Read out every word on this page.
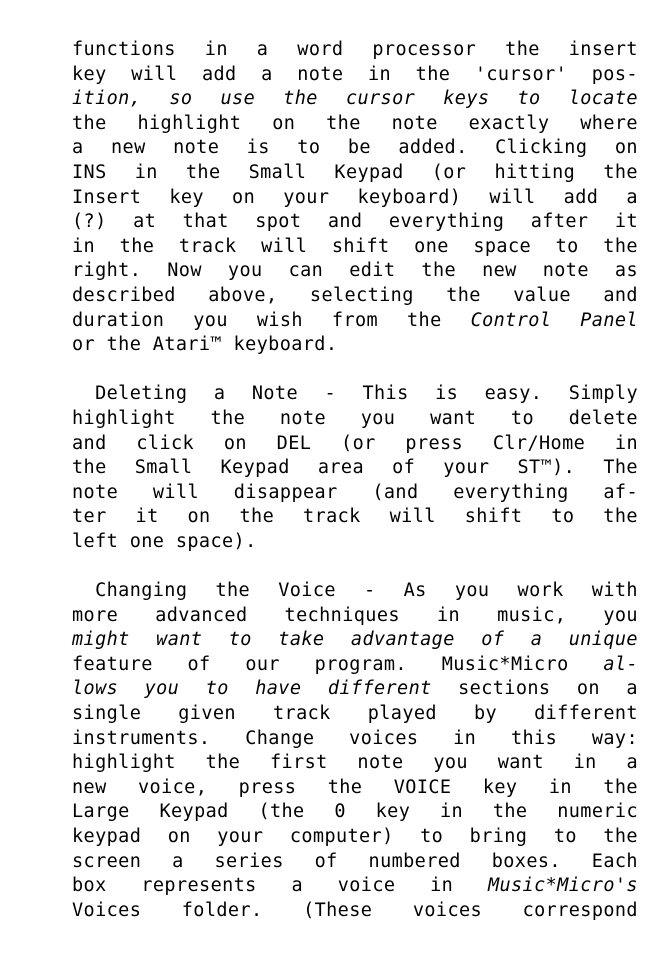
functions in a word processor the insert
key will add a note in the 'cursor' pos-
ition, so use the cursor keys to locate
the highlight on the note exactly where
a new note is to be added. Clicking on
INS in the Small Keypad (or hitting the
Insert key on your keyboard) will add a
(?) at that spot and everything after it
in the track will shift one space to the
right. Now you can edit the new note as
described above, selecting the value and
duration you wish from the Control Panel
or the Atari™ keyboard.
Deleting a Note - This is easy. Simply
highlight the note you want to delete
and click on DEL (or press Clr/Home in
the Small Keypad area of your ST™). The
note will disappear (and everything af-
ter it on the track will shift to the
left one space).
Changing the Voice - As you work with
more advanced techniques in music, you
might want to take advantage of a unique
feature of our program. Music*Micro al-
lows you to have different sections on a
single given track played by different
instruments. Change voices in this way:
highlight the first note you want in a
new voice, press the VOICE key in the
Large Keypad (the 0 key in the numeric
keypad on your computer) to bring to the
screen a series of numbered boxes. Each
box represents a voice in Music*Micro's
Voices folder. (These voices correspond
